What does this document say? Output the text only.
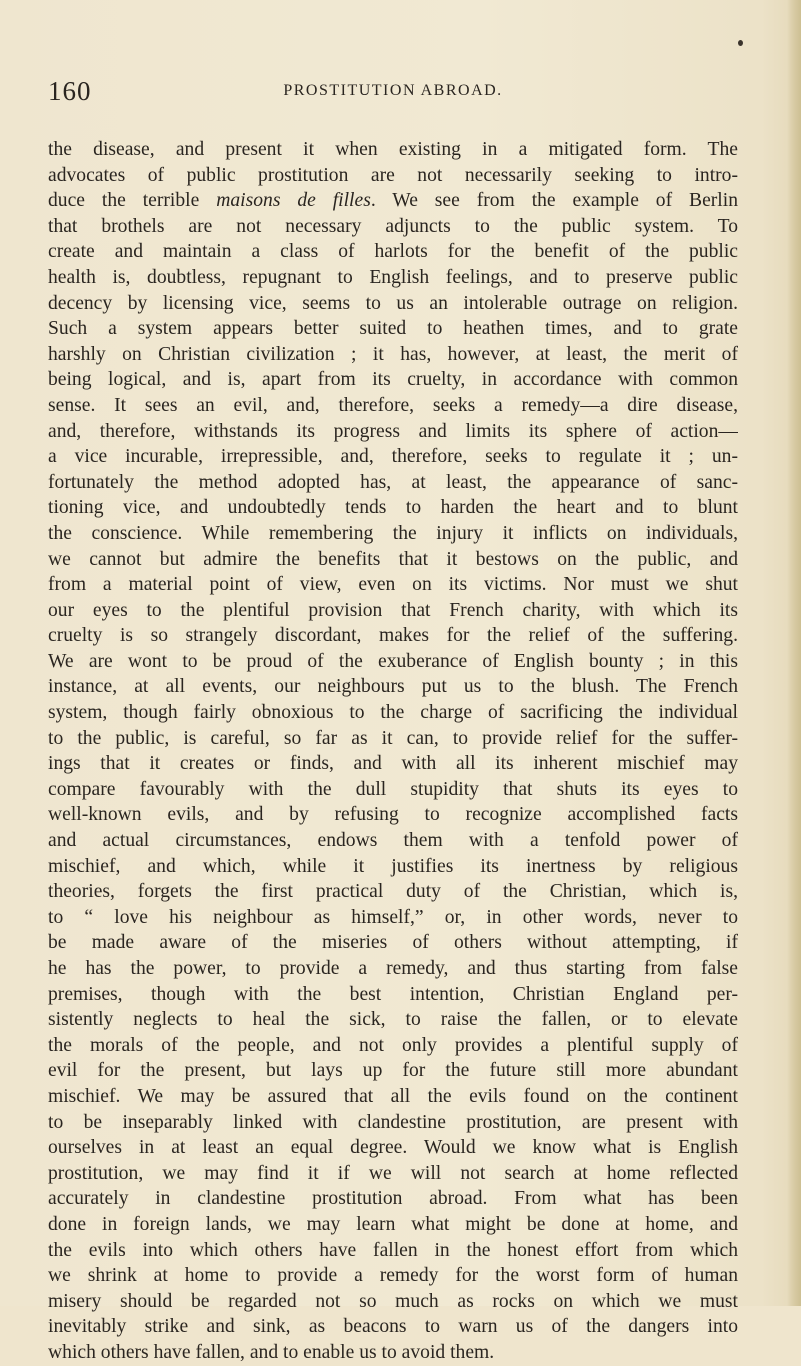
160	PROSTITUTION ABROAD.
the disease, and present it when existing in a mitigated form. The
advocates of public prostitution are not necessarily seeking to intro-
duce the terrible maisons de filles. We see from the example of Berlin
that brothels are not necessary adjuncts to the public system. To
create and maintain a class of harlots for the benefit of the public
health is, doubtless, repugnant to English feelings, and to preserve public
decency by licensing vice, seems to us an intolerable outrage on religion.
Such a system appears better suited to heathen times, and to grate
harshly on Christian civilization ; it has, however, at least, the merit of
being logical, and is, apart from its cruelty, in accordance with common
sense. It sees an evil, and, therefore, seeks a remedy—a dire disease,
and, therefore, withstands its progress and limits its sphere of action—
a vice incurable, irrepressible, and, therefore, seeks to regulate it ; un-
fortunately the method adopted has, at least, the appearance of sanc-
tioning vice, and undoubtedly tends to harden the heart and to blunt
the conscience. While remembering the injury it inflicts on individuals,
we cannot but admire the benefits that it bestows on the public, and
from a material point of view, even on its victims. Nor must we shut
our eyes to the plentiful provision that French charity, with which its
cruelty is so strangely discordant, makes for the relief of the suffering.
We are wont to be proud of the exuberance of English bounty ; in this
instance, at all events, our neighbours put us to the blush. The French
system, though fairly obnoxious to the charge of sacrificing the individual
to the public, is careful, so far as it can, to provide relief for the suffer-
ings that it creates or finds, and with all its inherent mischief may
compare favourably with the dull stupidity that shuts its eyes to
well-known evils, and by refusing to recognize accomplished facts
and actual circumstances, endows them with a tenfold power of
mischief, and which, while it justifies its inertness by religious
theories, forgets the first practical duty of the Christian, which is,
to “ love his neighbour as himself,” or, in other words, never to
be made aware of the miseries of others without attempting, if
he has the power, to provide a remedy, and thus starting from false
premises, though with the best intention, Christian England per-
sistently neglects to heal the sick, to raise the fallen, or to elevate
the morals of the people, and not only provides a plentiful supply of
evil for the present, but lays up for the future still more abundant
mischief. We may be assured that all the evils found on the continent
to be inseparably linked with clandestine prostitution, are present with
ourselves in at least an equal degree. Would we know what is English
prostitution, we may find it if we will not search at home reflected
accurately in clandestine prostitution abroad. From what has been
done in foreign lands, we may learn what might be done at home, and
the evils into which others have fallen in the honest effort from which
we shrink at home to provide a remedy for the worst form of human
misery should be regarded not so much as rocks on which we must
inevitably strike and sink, as beacons to warn us of the dangers into
which others have fallen, and to enable us to avoid them.
